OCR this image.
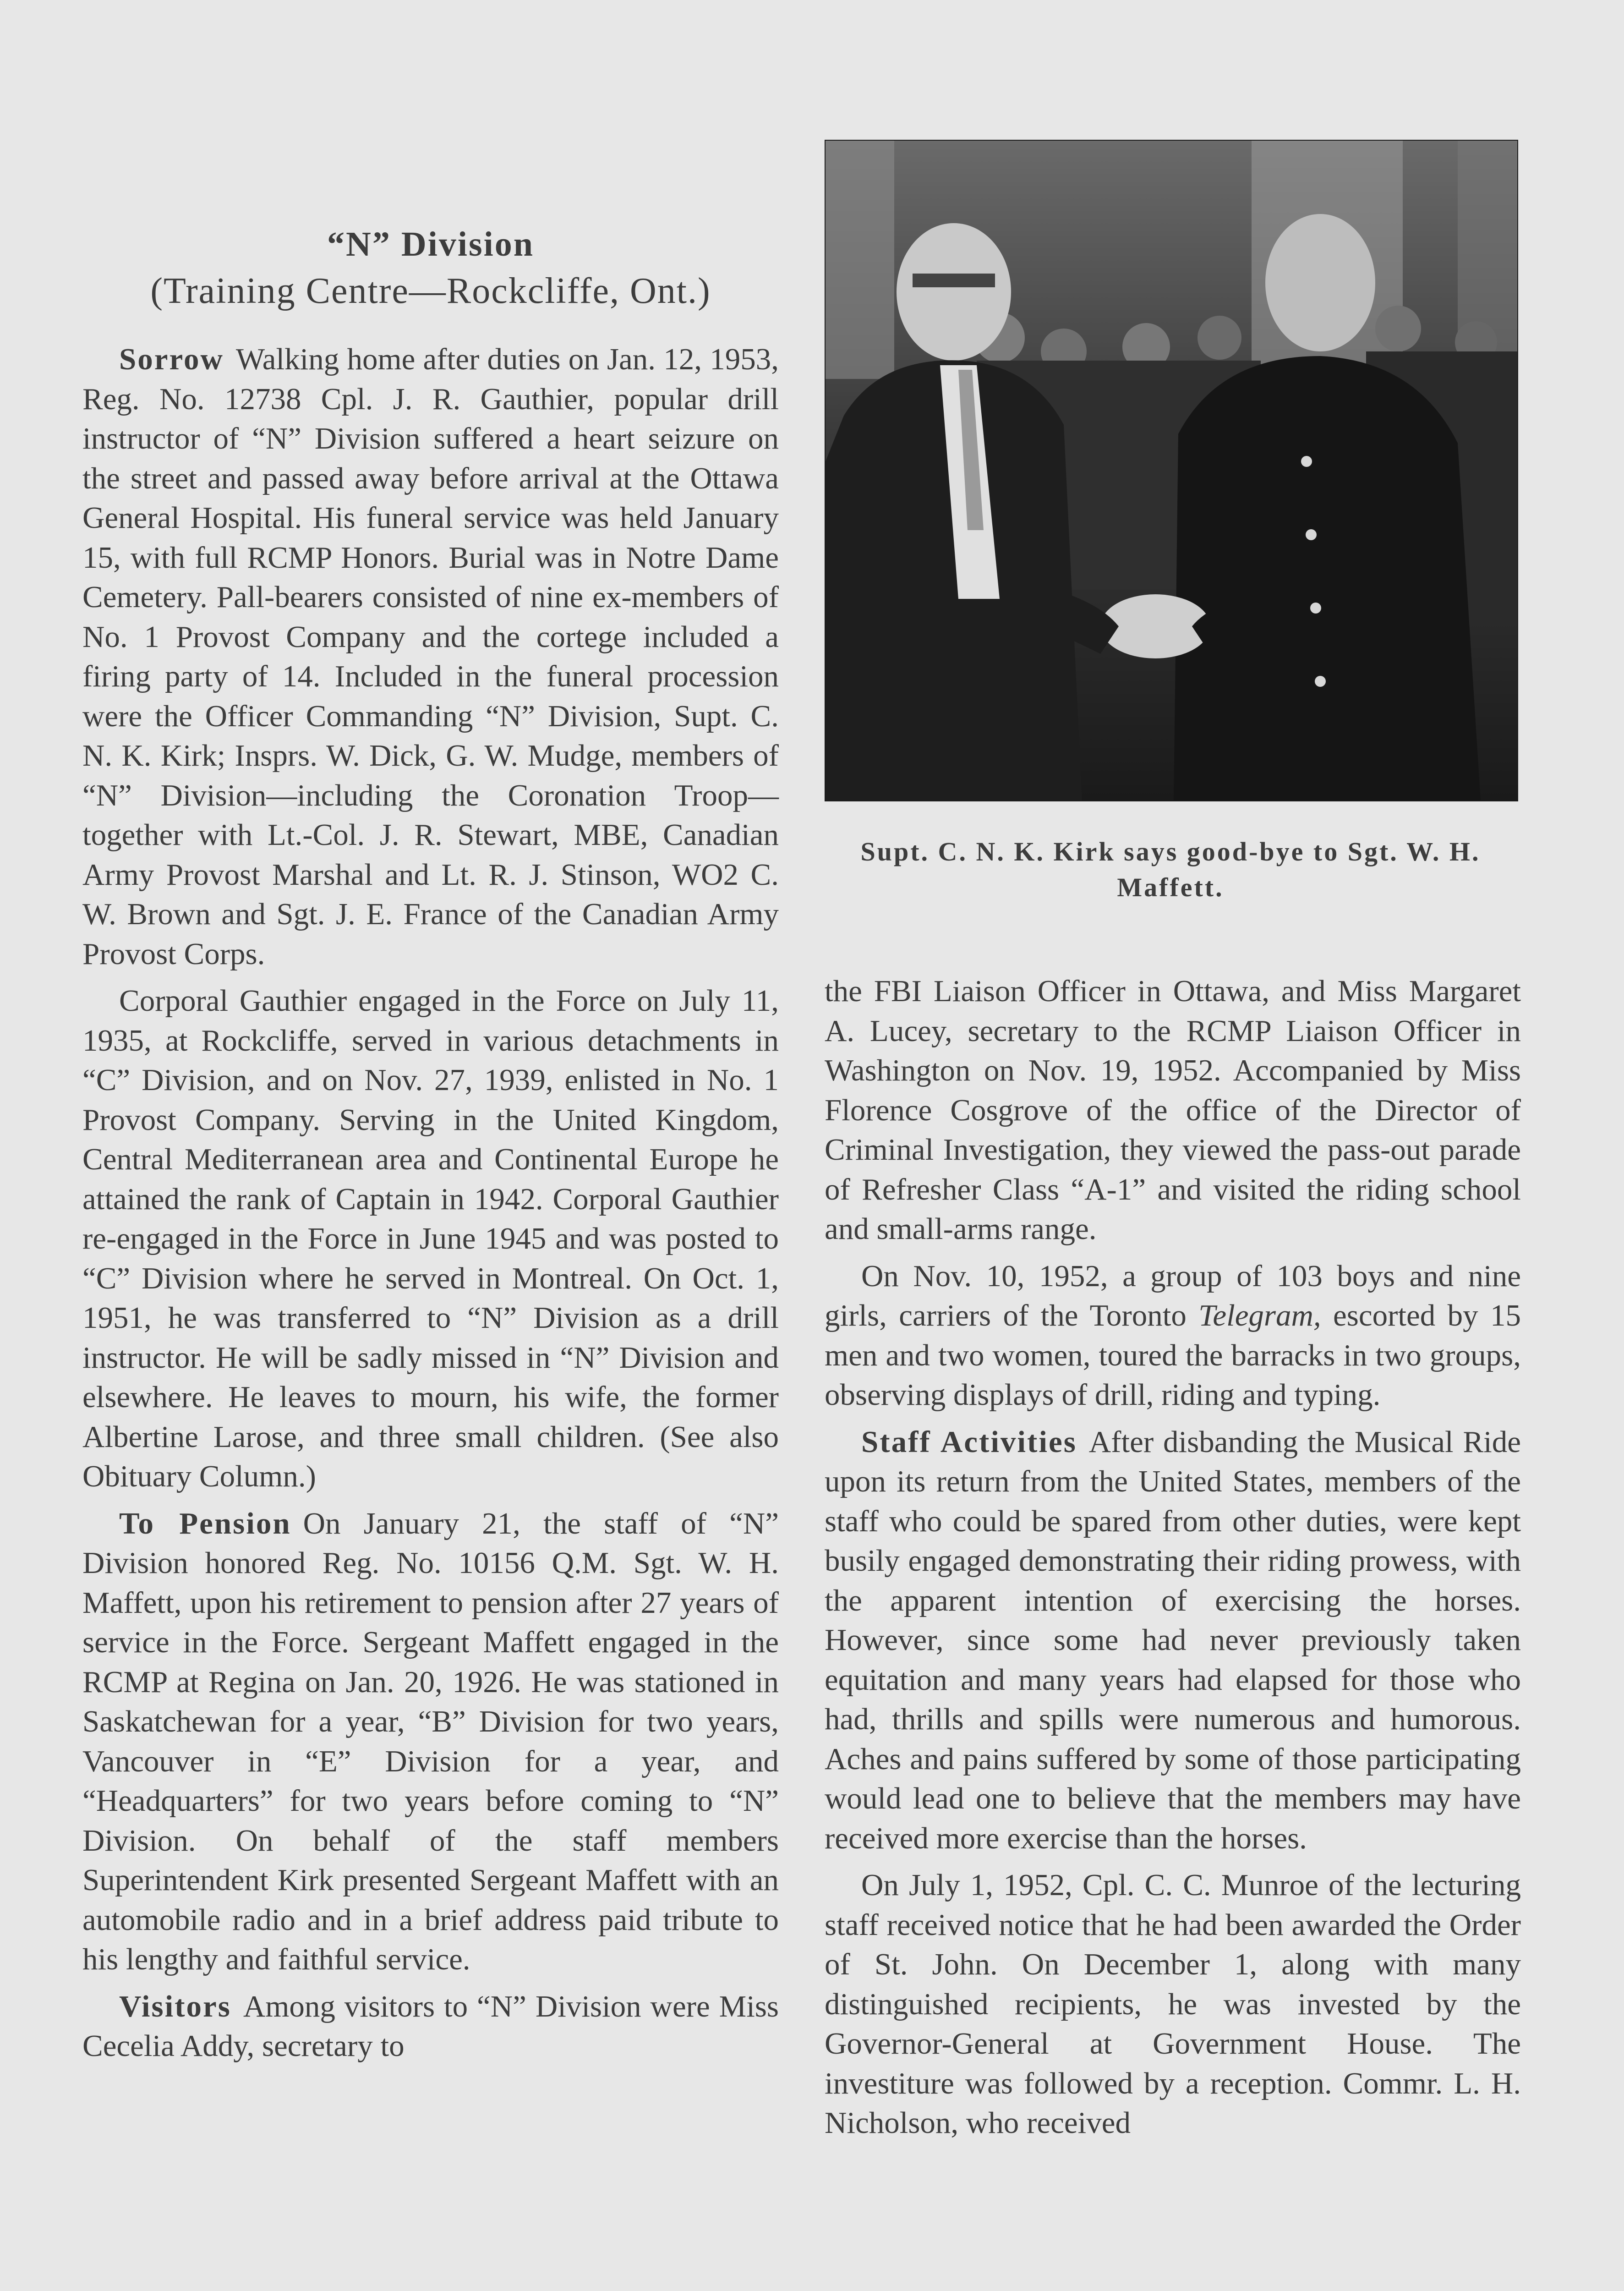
“N” Division
(Training Centre—Rockcliffe, Ont.)

Sorrow Walking home after duties on Jan. 12, 1953, Reg. No. 12738 Cpl. J. R. Gauthier, popular drill instructor of “N” Division suffered a heart seizure on the street and passed away before arrival at the Ottawa General Hospital. His funeral service was held January 15, with full RCMP Honors. Burial was in Notre Dame Cemetery. Pall-bearers consisted of nine ex-members of No. 1 Provost Company and the cortege included a firing party of 14. Included in the funeral procession were the Officer Commanding “N” Division, Supt. C. N. K. Kirk; Insprs. W. Dick, G. W. Mudge, members of “N” Division—including the Coronation Troop—together with Lt.-Col. J. R. Stewart, MBE, Canadian Army Provost Marshal and Lt. R. J. Stinson, WO2 C. W. Brown and Sgt. J. E. France of the Canadian Army Provost Corps.

Corporal Gauthier engaged in the Force on July 11, 1935, at Rockcliffe, served in various detachments in “C” Division, and on Nov. 27, 1939, enlisted in No. 1 Provost Company. Serving in the United Kingdom, Central Mediterranean area and Continental Europe he attained the rank of Captain in 1942. Corporal Gauthier re-engaged in the Force in June 1945 and was posted to “C” Division where he served in Montreal. On Oct. 1, 1951, he was transferred to “N” Division as a drill instructor. He will be sadly missed in “N” Division and elsewhere. He leaves to mourn, his wife, the former Albertine Larose, and three small children. (See also Obituary Column.)

To Pension On January 21, the staff of “N” Division honored Reg. No. 10156 Q.M. Sgt. W. H. Maffett, upon his retirement to pension after 27 years of service in the Force. Sergeant Maffett engaged in the RCMP at Regina on Jan. 20, 1926. He was stationed in Saskatchewan for a year, “B” Division for two years, Vancouver in “E” Division for a year, and “Headquarters” for two years before coming to “N” Division. On behalf of the staff members Superintendent Kirk presented Sergeant Maffett with an automobile radio and in a brief address paid tribute to his lengthy and faithful service.

Visitors Among visitors to “N” Division were Miss Cecelia Addy, secretary to

Supt. C. N. K. Kirk says good-bye to Sgt. W. H. Maffett.

the FBI Liaison Officer in Ottawa, and Miss Margaret A. Lucey, secretary to the RCMP Liaison Officer in Washington on Nov. 19, 1952. Accompanied by Miss Florence Cosgrove of the office of the Director of Criminal Investigation, they viewed the pass-out parade of Refresher Class “A-1” and visited the riding school and small-arms range.

On Nov. 10, 1952, a group of 103 boys and nine girls, carriers of the Toronto Telegram, escorted by 15 men and two women, toured the barracks in two groups, observing displays of drill, riding and typing.

Staff Activities After disbanding the Musical Ride upon its return from the United States, members of the staff who could be spared from other duties, were kept busily engaged demonstrating their riding prowess, with the apparent intention of exercising the horses. However, since some had never previously taken equitation and many years had elapsed for those who had, thrills and spills were numerous and humorous. Aches and pains suffered by some of those participating would lead one to believe that the members may have received more exercise than the horses.

On July 1, 1952, Cpl. C. C. Munroe of the lecturing staff received notice that he had been awarded the Order of St. John. On December 1, along with many distinguished recipients, he was invested by the Governor-General at Government House. The investiture was followed by a reception. Commr. L. H. Nicholson, who received
